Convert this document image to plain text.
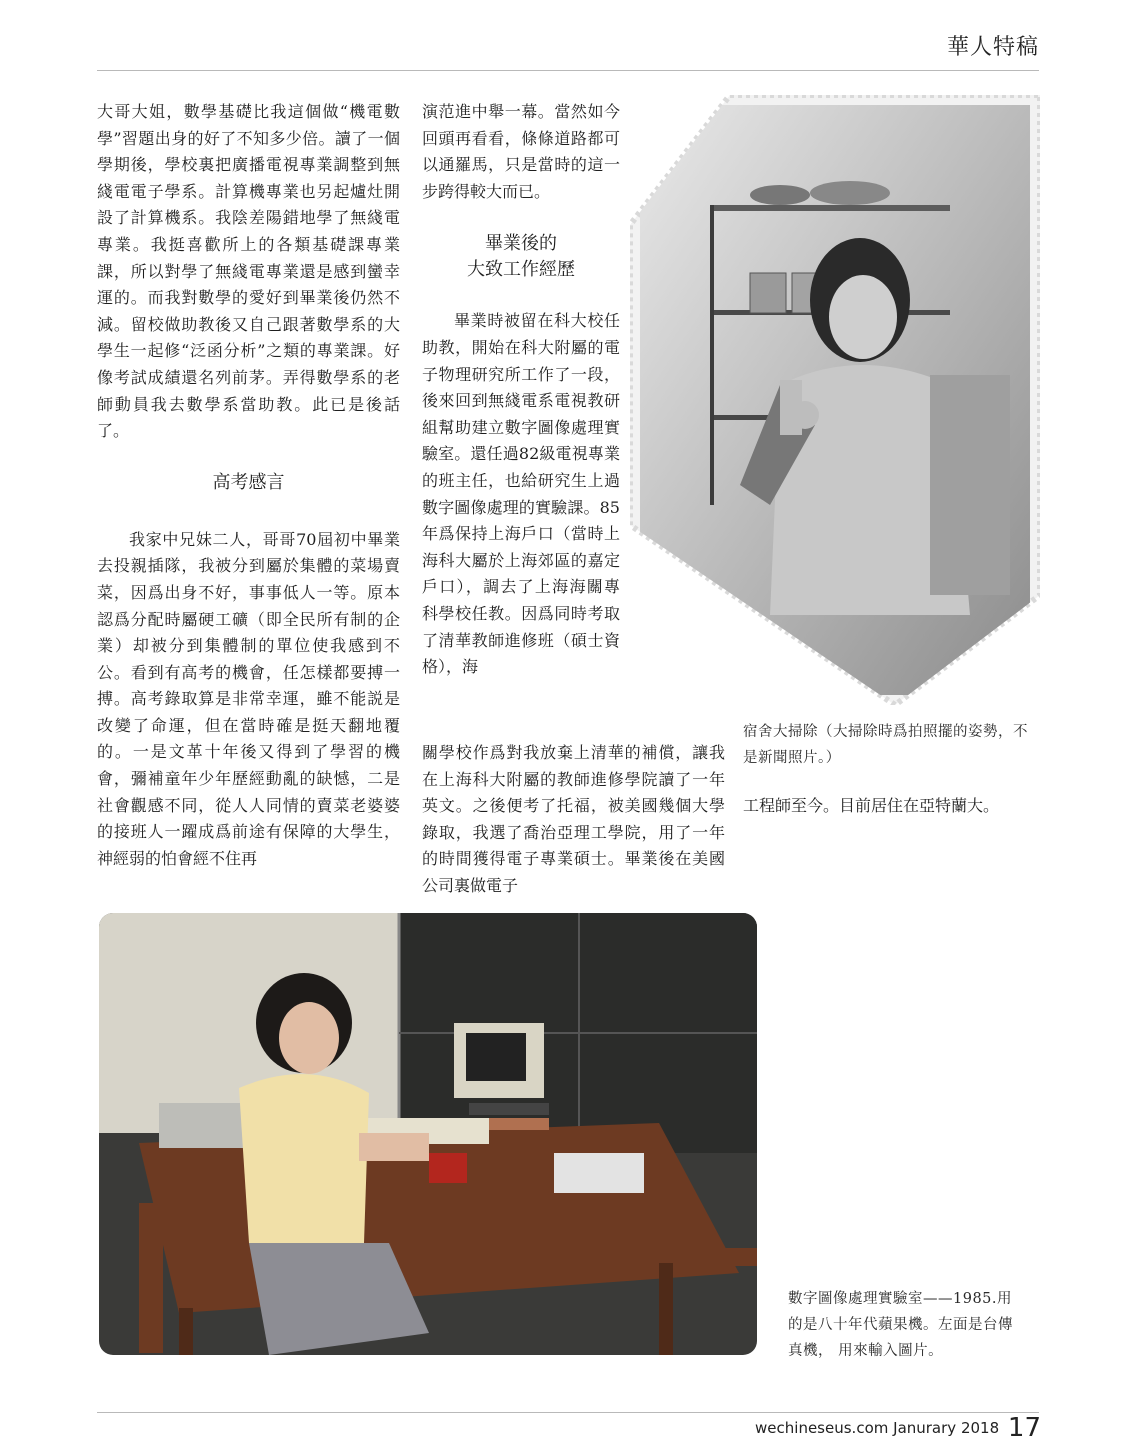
華人特稿

大哥大姐，數學基礎比我這個做“機電數學”習題出身的好了不知多少倍。讀了一個學期後，學校裏把廣播電視專業調整到無綫電電子學系。計算機專業也另起爐灶開設了計算機系。我陰差陽錯地學了無綫電專業。我挺喜歡所上的各類基礎課專業課，所以對學了無綫電專業還是感到蠻幸運的。而我對數學的愛好到畢業後仍然不減。留校做助教後又自己跟著數學系的大學生一起修“泛函分析”之類的專業課。好像考試成績還名列前茅。弄得數學系的老師動員我去數學系當助教。此已是後話了。

高考感言

我家中兄妹二人，哥哥70屆初中畢業去投親插隊，我被分到屬於集體的菜場賣菜，因爲出身不好，事事低人一等。原本認爲分配時屬硬工礦（即全民所有制的企業）却被分到集體制的單位使我感到不公。看到有高考的機會，任怎樣都要搏一搏。高考錄取算是非常幸運，雖不能説是改變了命運，但在當時確是挺天翻地覆的。一是文革十年後又得到了學習的機會，彌補童年少年歷經動亂的缺憾，二是社會觀感不同，從人人同情的賣菜老婆婆的接班人一躍成爲前途有保障的大學生，神經弱的怕會經不住再

演范進中舉一幕。當然如今回頭再看看，條條道路都可以通羅馬，只是當時的這一步跨得較大而已。

畢業後的
大致工作經歷

畢業時被留在科大校任助教，開始在科大附屬的電子物理研究所工作了一段，後來回到無綫電系電視教研組幫助建立數字圖像處理實驗室。還任過82級電視專業的班主任，也給研究生上過數字圖像處理的實驗課。85年爲保持上海戶口（當時上海科大屬於上海郊區的嘉定戶口），調去了上海海關專科學校任教。因爲同時考取了清華教師進修班（碩士資格），海

關學校作爲對我放棄上清華的補償，讓我在上海科大附屬的教師進修學院讀了一年英文。之後便考了托福，被美國幾個大學錄取，我選了喬治亞理工學院，用了一年的時間獲得電子專業碩士。畢業後在美國公司裏做電子

工程師至今。目前居住在亞特蘭大。

宿舍大掃除（大掃除時爲拍照擺的姿勢，不是新聞照片。）
數字圖像處理實驗室——1985.用的是八十年代蘋果機。左面是台傳真機， 用來輸入圖片。
wechineseus.com Janurary 2018 17
